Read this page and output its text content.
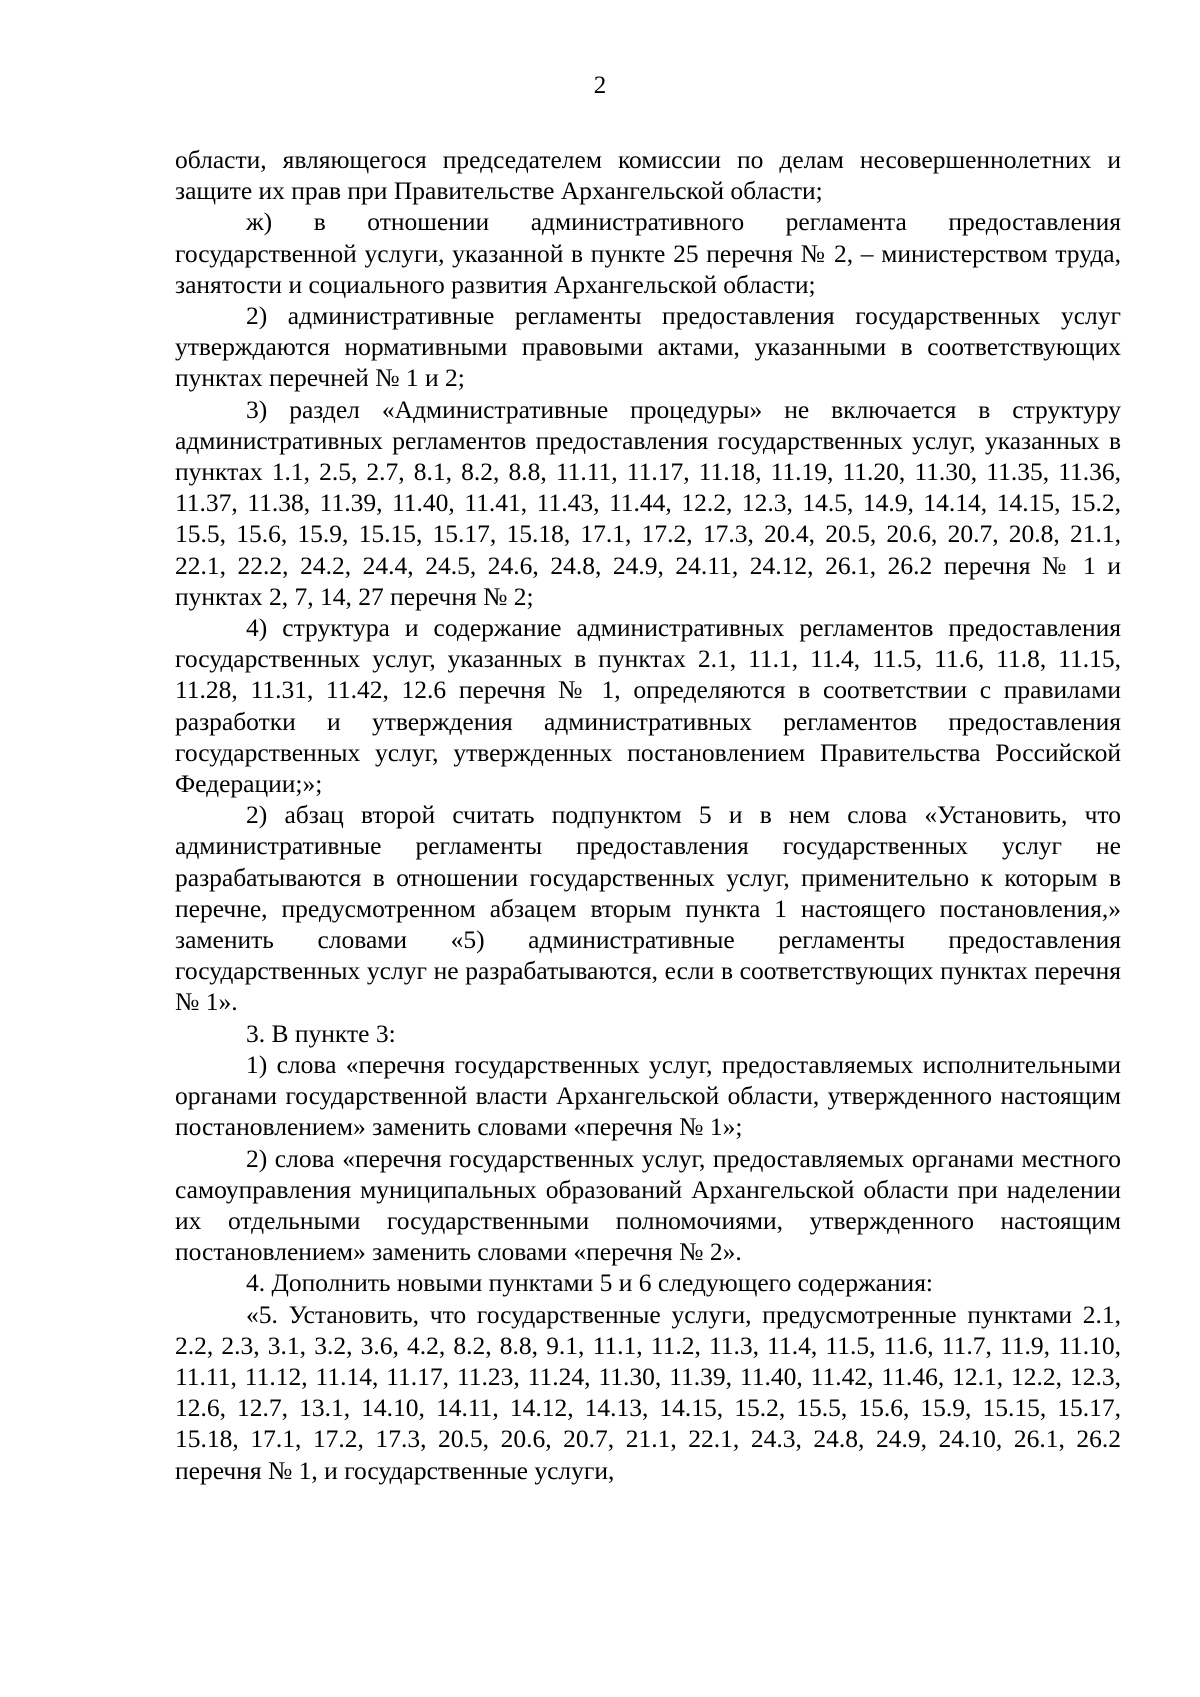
2

области, являющегося председателем комиссии по делам несовершеннолетних и защите их прав при Правительстве Архангельской области;

ж) в отношении административного регламента предоставления государственной услуги, указанной в пункте 25 перечня № 2, – министерством труда, занятости и социального развития Архангельской области;

2) административные регламенты предоставления государственных услуг утверждаются нормативными правовыми актами, указанными в соответствующих пунктах перечней № 1 и 2;

3) раздел «Административные процедуры» не включается в структуру административных регламентов предоставления государственных услуг, указанных в пунктах 1.1, 2.5, 2.7, 8.1, 8.2, 8.8, 11.11, 11.17, 11.18, 11.19, 11.20, 11.30, 11.35, 11.36, 11.37, 11.38, 11.39, 11.40, 11.41, 11.43, 11.44, 12.2, 12.3, 14.5, 14.9, 14.14, 14.15, 15.2, 15.5, 15.6, 15.9, 15.15, 15.17, 15.18, 17.1, 17.2, 17.3, 20.4, 20.5, 20.6, 20.7, 20.8, 21.1, 22.1, 22.2, 24.2, 24.4, 24.5, 24.6, 24.8, 24.9, 24.11, 24.12, 26.1, 26.2 перечня № 1 и пунктах 2, 7, 14, 27 перечня № 2;

4) структура и содержание административных регламентов предоставления государственных услуг, указанных в пунктах 2.1, 11.1, 11.4, 11.5, 11.6, 11.8, 11.15, 11.28, 11.31, 11.42, 12.6 перечня № 1, определяются в соответствии с правилами разработки и утверждения административных регламентов предоставления государственных услуг, утвержденных постановлением Правительства Российской Федерации;»;

2) абзац второй считать подпунктом 5 и в нем слова «Установить, что административные регламенты предоставления государственных услуг не разрабатываются в отношении государственных услуг, применительно к которым в перечне, предусмотренном абзацем вторым пункта 1 настоящего постановления,» заменить словами «5) административные регламенты предоставления государственных услуг не разрабатываются, если в соответствующих пунктах перечня № 1».

3. В пункте 3:

1) слова «перечня государственных услуг, предоставляемых исполнительными органами государственной власти Архангельской области, утвержденного настоящим постановлением» заменить словами «перечня № 1»;

2) слова «перечня государственных услуг, предоставляемых органами местного самоуправления муниципальных образований Архангельской области при наделении их отдельными государственными полномочиями, утвержденного настоящим постановлением» заменить словами «перечня № 2».

4. Дополнить новыми пунктами 5 и 6 следующего содержания:

«5. Установить, что государственные услуги, предусмотренные пунктами 2.1, 2.2, 2.3, 3.1, 3.2, 3.6, 4.2, 8.2, 8.8, 9.1, 11.1, 11.2, 11.3, 11.4, 11.5, 11.6, 11.7, 11.9, 11.10, 11.11, 11.12, 11.14, 11.17, 11.23, 11.24, 11.30, 11.39, 11.40, 11.42, 11.46, 12.1, 12.2, 12.3, 12.6, 12.7, 13.1, 14.10, 14.11, 14.12, 14.13, 14.15, 15.2, 15.5, 15.6, 15.9, 15.15, 15.17, 15.18, 17.1, 17.2, 17.3, 20.5, 20.6, 20.7, 21.1, 22.1, 24.3, 24.8, 24.9, 24.10, 26.1, 26.2 перечня № 1, и государственные услуги,
